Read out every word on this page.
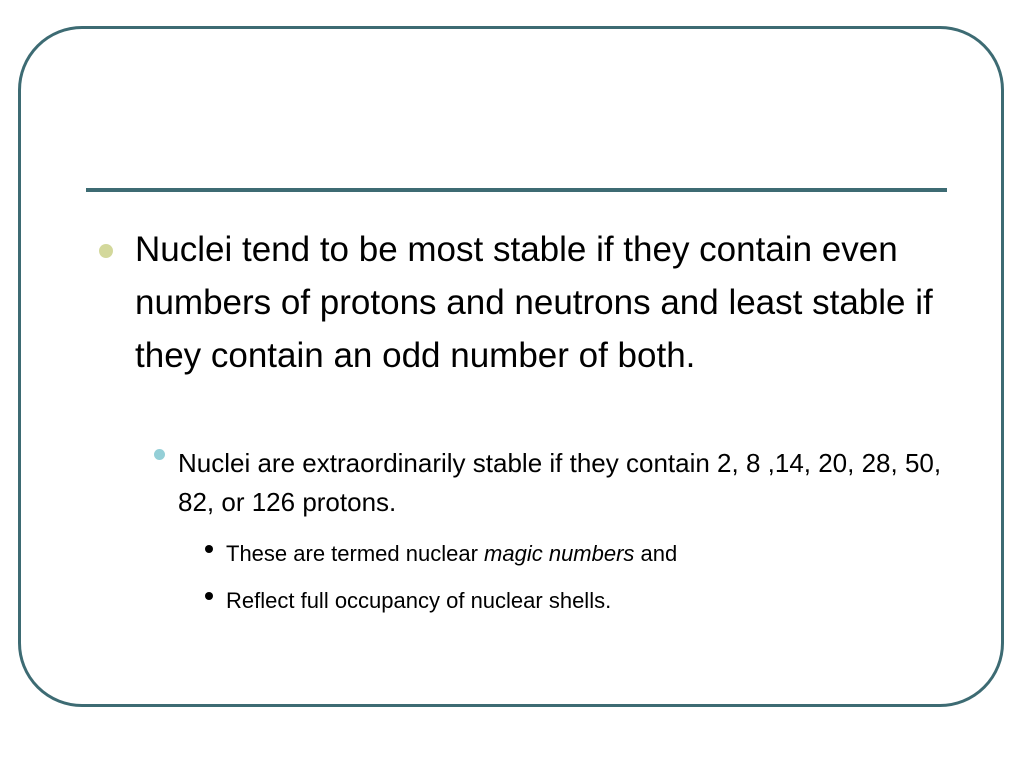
Nuclei tend to be most stable if they contain even numbers of protons and neutrons and least stable if they contain an odd number of both.

Nuclei are extraordinarily stable if they contain 2, 8 ,14, 20, 28, 50, 82, or 126 protons.

These are termed nuclear magic numbers and

Reflect full occupancy of nuclear shells.
